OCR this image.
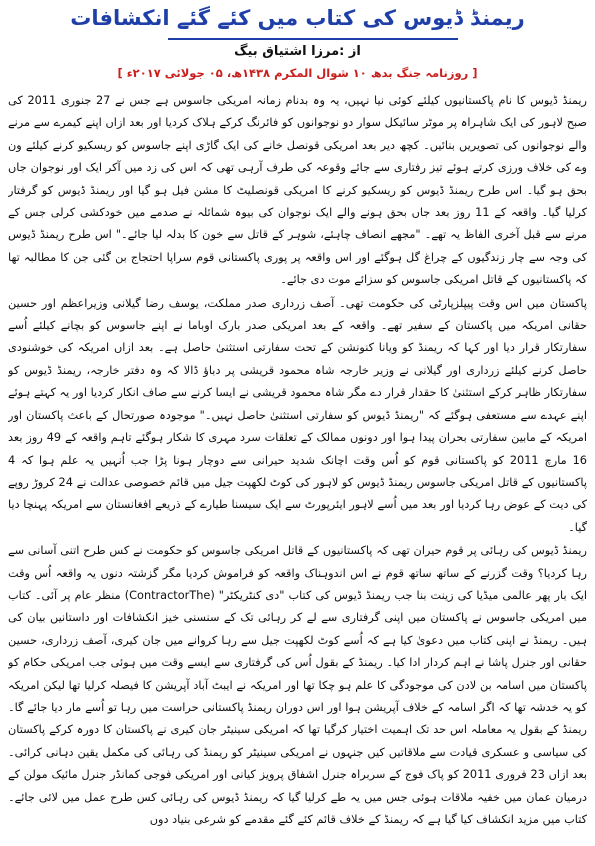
ریمنڈ ڈیوس کی کتاب میں کئے گئے انکشافات
از :مرزا اشتیاق بیگ
[ روزنامہ جنگ بدھ ۱۰ شوال المکرم ۱۴۳۸ھ، ۰۵ جولائی ۲۰۱۷ء ]

ریمنڈ ڈیوس کا نام پاکستانیوں کیلئے کوئی نیا نہیں، یہ وہ بدنام زمانہ امریکی جاسوس ہے جس نے 27 جنوری 2011 کی صبح لاہور کی ایک شاہراہ پر موٹر سائیکل سوار دو نوجوانوں کو فائرنگ کرکے ہلاک کردیا اور بعد ازاں اپنے کیمرے سے مرنے والے نوجوانوں کی تصویریں بنائیں۔ کچھ دیر بعد امریکی قونصل خانے کی ایک گاڑی اپنے جاسوس کو ریسکیو کرنے کیلئے ون وے کی خلاف ورزی کرتے ہوئے تیز رفتاری سے جائے وقوعہ کی طرف آرہی تھی کہ اس کی زد میں آکر ایک اور نوجوان جاں بحق ہو گیا۔ اس طرح ریمنڈ ڈیوس کو ریسکیو کرنے کا امریکی قونصلیٹ کا مشن فیل ہو گیا اور ریمنڈ ڈیوس کو گرفتار کرلیا گیا۔ واقعہ کے 11 روز بعد جاں بحق ہونے والے ایک نوجوان کی بیوہ شمائلہ نے صدمے میں خودکشی کرلی جس کے مرنے سے قبل آخری الفاظ یہ تھے۔ "مجھے انصاف چاہئے، شوہر کے قاتل سے خون کا بدلہ لیا جائے۔" اس طرح ریمنڈ ڈیوس کی وجہ سے چار زندگیوں کے چراغ گل ہوگئے اور اس واقعہ پر پوری پاکستانی قوم سراپا احتجاج بن گئی جن کا مطالبہ تھا کہ پاکستانیوں کے قاتل امریکی جاسوس کو سزائے موت دی جائے۔

پاکستان میں اس وقت پیپلزپارٹی کی حکومت تھی۔ آصف زرداری صدر مملکت، یوسف رضا گیلانی وزیراعظم اور حسین حقانی امریکہ میں پاکستان کے سفیر تھے۔ واقعہ کے بعد امریکی صدر بارک اوباما نے اپنے جاسوس کو بچانے کیلئے اُسے سفارتکار قرار دیا اور کہا کہ ریمنڈ کو ویانا کنونشن کے تحت سفارتی استثنیٰ حاصل ہے۔ بعد ازاں امریکہ کی خوشنودی حاصل کرنے کیلئے زرداری اور گیلانی نے وزیر خارجہ شاہ محمود قریشی پر دباؤ ڈالا کہ وہ دفتر خارجہ، ریمنڈ ڈیوس کو سفارتکار ظاہر کرکے استثنیٰ کا حقدار قرار دے مگر شاہ محمود قریشی نے ایسا کرنے سے صاف انکار کردیا اور یہ کہتے ہوئے اپنے عہدے سے مستعفی ہوگئے کہ "ریمنڈ ڈیوس کو سفارتی استثنیٰ حاصل نہیں۔" موجودہ صورتحال کے باعث پاکستان اور امریکہ کے مابین سفارتی بحران پیدا ہوا اور دونوں ممالک کے تعلقات سرد مہری کا شکار ہوگئے تاہم واقعہ کے 49 روز بعد 16 مارچ 2011 کو پاکستانی قوم کو اُس وقت اچانک شدید حیرانی سے دوچار ہونا پڑا جب اُنہیں یہ علم ہوا کہ 4 پاکستانیوں کے قاتل امریکی جاسوس ریمنڈ ڈیوس کو لاہور کی کوٹ لکھپت جیل میں قائم خصوصی عدالت نے 24 کروڑ روپے کی دیت کے عوض رہا کردیا اور بعد میں اُسے لاہور ایئرپورٹ سے ایک سیسنا طیارے کے ذریعے افغانستان سے امریکہ پہنچا دیا گیا۔

ریمنڈ ڈیوس کی رہائی پر قوم حیران تھی کہ پاکستانیوں کے قاتل امریکی جاسوس کو حکومت نے کس طرح اتنی آسانی سے رہا کردیا؟ وقت گزرنے کے ساتھ ساتھ قوم نے اس اندوہناک واقعہ کو فراموش کردیا مگر گزشتہ دنوں یہ واقعہ اُس وقت ایک بار پھر عالمی میڈیا کی زینت بنا جب ریمنڈ ڈیوس کی کتاب "دی کنٹریکٹر" (ContractorThe) منظر عام پر آئی۔ کتاب میں امریکی جاسوس نے پاکستان میں اپنی گرفتاری سے لے کر رہائی تک کے سنسنی خیز انکشافات اور داستانیں بیان کی ہیں۔ ریمنڈ نے اپنی کتاب میں دعویٰ کیا ہے کہ اُسے کوٹ لکھپت جیل سے رہا کروانے میں جان کیری، آصف زرداری، حسین حقانی اور جنرل پاشا نے اہم کردار ادا کیا۔ ریمنڈ کے بقول اُس کی گرفتاری سے ایسے وقت میں ہوئی جب امریکی حکام کو پاکستان میں اسامہ بن لادن کی موجودگی کا علم ہو چکا تھا اور امریکہ نے ایبٹ آباد آپریشن کا فیصلہ کرلیا تھا لیکن امریکہ کو یہ خدشہ تھا کہ اگر اسامہ کے خلاف آپریشن ہوا اور اس دوران ریمنڈ پاکستانی حراست میں رہا تو اُسے مار دیا جائے گا۔ ریمنڈ کے بقول یہ معاملہ اس حد تک اہمیت اختیار کرگیا تھا کہ امریکی سینیٹر جان کیری نے پاکستان کا دورہ کرکے پاکستان کی سیاسی و عسکری قیادت سے ملاقاتیں کیں جنہوں نے امریکی سینیٹر کو ریمنڈ کی رہائی کی مکمل یقین دہانی کرائی۔ بعد ازاں 23 فروری 2011 کو پاک فوج کے سربراہ جنرل اشفاق پرویز کیانی اور امریکی فوجی کمانڈر جنرل مائیک مولن کے درمیان عمان میں خفیہ ملاقات ہوئی جس میں یہ طے کرلیا گیا کہ ریمنڈ ڈیوس کی رہائی کس طرح عمل میں لائی جائے۔ کتاب میں مزید انکشاف کیا گیا ہے کہ ریمنڈ کے خلاف قائم کئے گئے مقدمے کو شرعی بنیاد دوں
